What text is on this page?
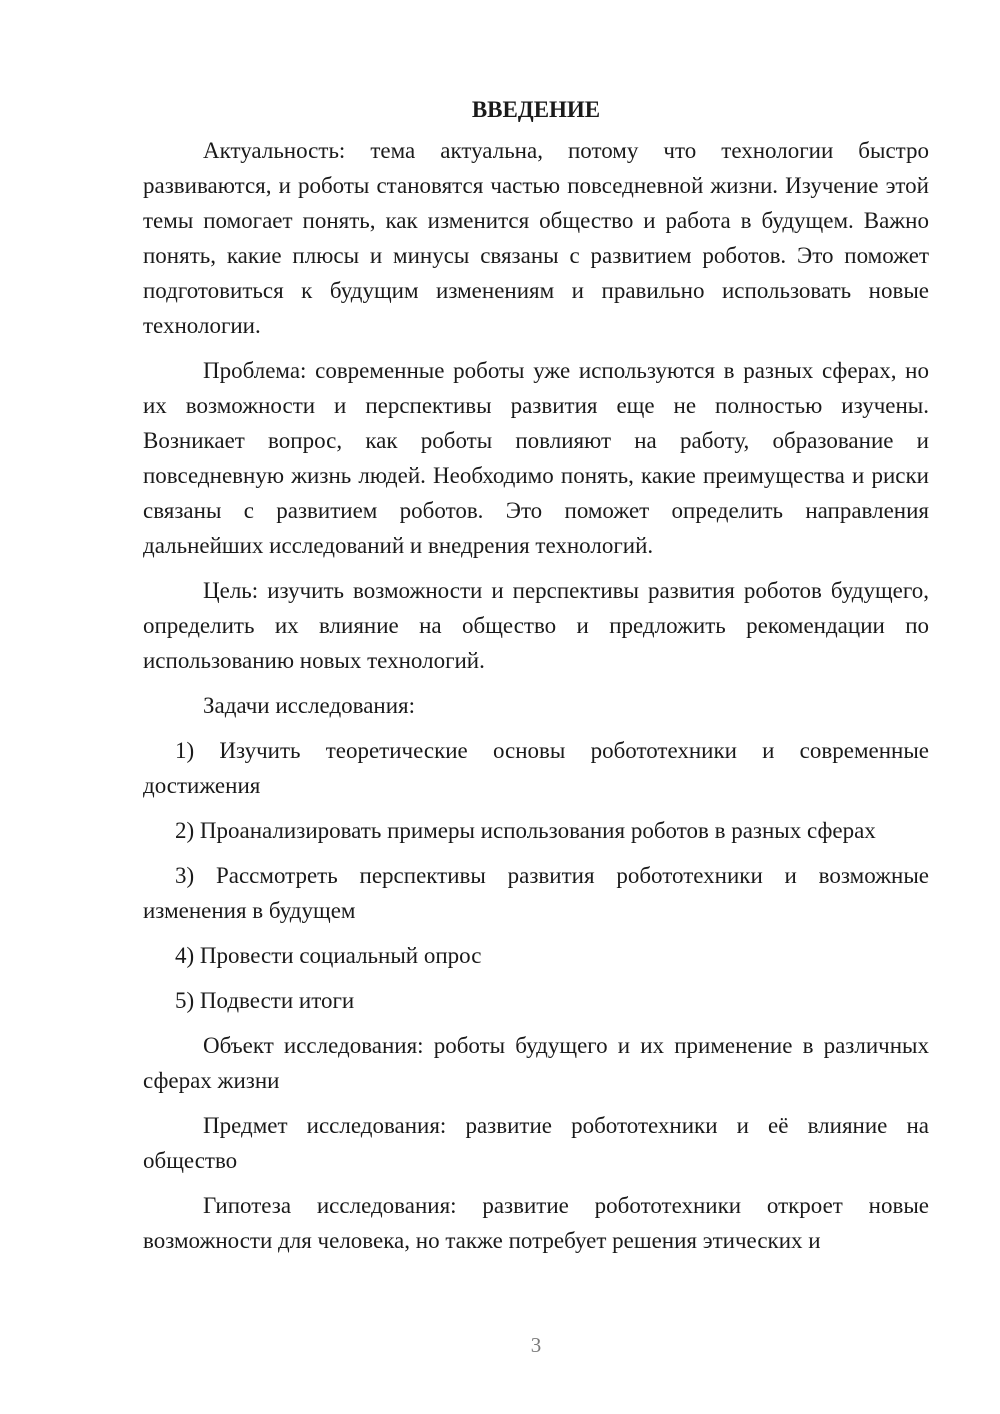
ВВЕДЕНИЕ

Актуальность: тема актуальна, потому что технологии быстро развиваются, и роботы становятся частью повседневной жизни. Изучение этой темы помогает понять, как изменится общество и работа в будущем. Важно понять, какие плюсы и минусы связаны с развитием роботов. Это поможет подготовиться к будущим изменениям и правильно использовать новые технологии.

Проблема: современные роботы уже используются в разных сферах, но их возможности и перспективы развития еще не полностью изучены. Возникает вопрос, как роботы повлияют на работу, образование и повседневную жизнь людей. Необходимо понять, какие преимущества и риски связаны с развитием роботов. Это поможет определить направления дальнейших исследований и внедрения технологий.

Цель: изучить возможности и перспективы развития роботов будущего, определить их влияние на общество и предложить рекомендации по использованию новых технологий.

Задачи исследования:

1) Изучить теоретические основы робототехники и современные достижения

2) Проанализировать примеры использования роботов в разных сферах

3) Рассмотреть перспективы развития робототехники и возможные изменения в будущем

4) Провести социальный опрос

5) Подвести итоги

Объект исследования: роботы будущего и их применение в различных сферах жизни

Предмет исследования: развитие робототехники и её влияние на общество

Гипотеза исследования: развитие робототехники откроет новые возможности для человека, но также потребует решения этических и

3
